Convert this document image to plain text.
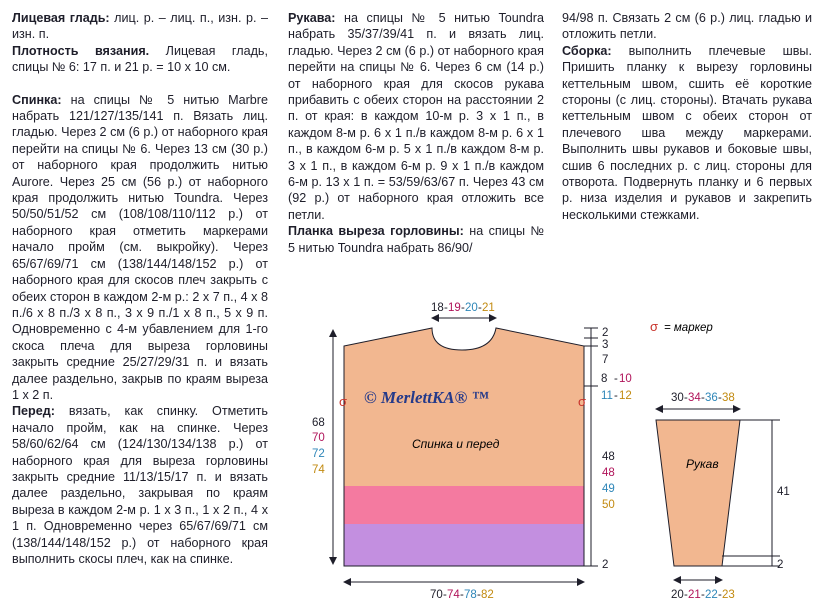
Лицевая гладь: лиц. р. – лиц. п., изн. р. – изн. п.

Плотность вязания. Лицевая гладь, спицы № 6: 17 п. и 21 р. = 10 х 10 см.

Спинка: на спицы № 5 нитью Marbre набрать 121/127/135/141 п. Вязать лиц. гладью. Через 2 см (6 р.) от наборного края перейти на спицы № 6. Через 13 см (30 р.) от наборного края продолжить нитью Aurore. Через 25 см (56 р.) от наборного края продолжить нитью Toundra. Через 50/50/51/52 см (108/108/110/112 р.) от наборного края отметить маркерами начало пройм (см. выкройку). Через 65/67/69/71 см (138/144/148/152 р.) от наборного края для скосов плеч закрыть с обеих сторон в каждом 2-м р.: 2 х 7 п., 4 х 8 п./6 х 8 п./3 х 8 п., 3 х 9 п./1 х 8 п., 5 х 9 п. Одновременно с 4-м убавлением для 1-го скоса плеча для выреза горловины закрыть средние 25/27/29/31 п. и вязать далее раздельно, закрыв по краям выреза 1 х 2 п.

Перед: вязать, как спинку. Отметить начало пройм, как на спинке. Через 58/60/62/64 см (124/130/134/138 р.) от наборного края для выреза горловины закрыть средние 11/13/15/17 п. и вязать далее раздельно, закрывая по краям выреза в каждом 2-м р. 1 х 3 п., 1 х 2 п., 4 х 1 п. Одновременно через 65/67/69/71 см (138/144/148/152 р.) от наборного края выполнить скосы плеч, как на спинке.

Рукава: на спицы № 5 нитью Toundra набрать 35/37/39/41 п. и вязать лиц. гладью. Через 2 см (6 р.) от наборного края перейти на спицы № 6. Через 6 см (14 р.) от наборного края для скосов рукава прибавить с обеих сторон на расстоянии 2 п. от края: в каждом 10-м р. 3 х 1 п., в каждом 8-м р. 6 х 1 п./в каждом 8-м р. 6 х 1 п., в каждом 6-м р. 5 х 1 п./в каждом 8-м р. 3 х 1 п., в каждом 6-м р. 9 х 1 п./в каждом 6-м р. 13 х 1 п. = 53/59/63/67 п. Через 43 см (92 р.) от наборного края отложить все петли.

Планка выреза горловины: на спицы № 5 нитью Toundra набрать 86/90/

94/98 п. Связать 2 см (6 р.) лиц. гладью и отложить петли.

Сборка: выполнить плечевые швы. Пришить планку к вырезу горловины кеттельным швом, сшить её короткие стороны (с лиц. стороны). Втачать рукава кеттельным швом с обеих сторон от плечевого шва между маркерами. Выполнить швы рукавов и боковые швы, сшив 6 последних р. с лиц. стороны для отворота. Подвернуть планку и 6 первых р. низа изделия и рукавов и закрепить несколькими стежками.

Спинка и перед
© MerlettKA® ™
σ	σ
σ = маркер
18 - 19 - 20 - 21
70 - 74 - 78 - 82
68
70
72
74
2
3
7
8 - 10
11 - 12
48
48
49
50
2
Рукав
30 - 34 - 36 - 38
20 - 21 - 22 - 23
41
2
